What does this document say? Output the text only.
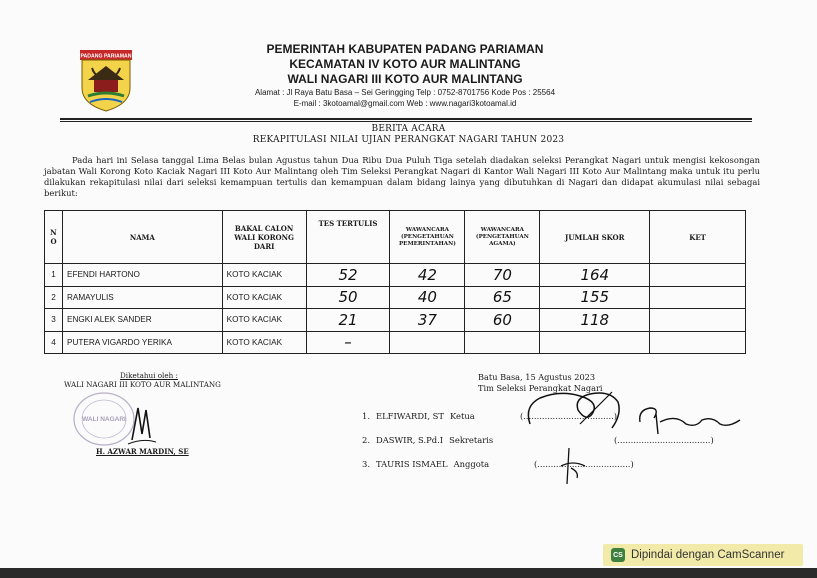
PADANG PARIAMAN
PEMERINTAH KABUPATEN PADANG PARIAMAN
KECAMATAN IV KOTO AUR MALINTANG
WALI NAGARI III KOTO AUR MALINTANG
Alamat : Jl Raya Batu Basa – Sei Geringging Telp : 0752-8701756 Kode Pos : 25564
E-mail : 3kotoamal@gmail.com Web : www.nagari3kotoamal.id
BERITA ACARA
REKAPITULASI NILAI UJIAN PERANGKAT NAGARI TAHUN 2023
Pada hari ini Selasa tanggal Lima Belas bulan Agustus tahun Dua Ribu Dua Puluh Tiga setelah diadakan seleksi Perangkat Nagari untuk mengisi kekosongan jabatan Wali Korong Koto Kaciak Nagari III Koto Aur Malintang oleh Tim Seleksi Perangkat Nagari di Kantor Wali Nagari III Koto Aur Malintang maka untuk itu perlu dilakukan rekapitulasi nilai dari seleksi kemampuan tertulis dan kemampuan dalam bidang lainya yang dibutuhkan di Nagari dan didapat akumulasi nilai sebagai berikut:
N O	NAMA	BAKAL CALON WALI KORONG DARI	TES TERTULIS	WAWANCARA (PENGETAHUAN PEMERINTAHAN)	WAWANCARA (PENGETAHUAN AGAMA)	JUMLAH SKOR	KET
1	EFENDI HARTONO	KOTO KACIAK	52	42	70	164	
2	RAMAYULIS	KOTO KACIAK	50	40	65	155	
3	ENGKI ALEK SANDER	KOTO KACIAK	21	37	60	118	
4	PUTERA VIGARDO YERIKA	KOTO KACIAK	–				
Diketahui oleh :
WALI NAGARI III KOTO AUR MALINTANG
WALI NAGARI
H. AZWAR MARDIN, SE
Batu Basa, 15 Agustus 2023
Tim Seleksi Perangkat Nagari
1. ELFIWARDI, ST Ketua	(..................................)
2. DASWIR, S.Pd.I Sekretaris	(...................................)
3. TAURIS ISMAEL Anggota	(...................................)
CS Dipindai dengan CamScanner
